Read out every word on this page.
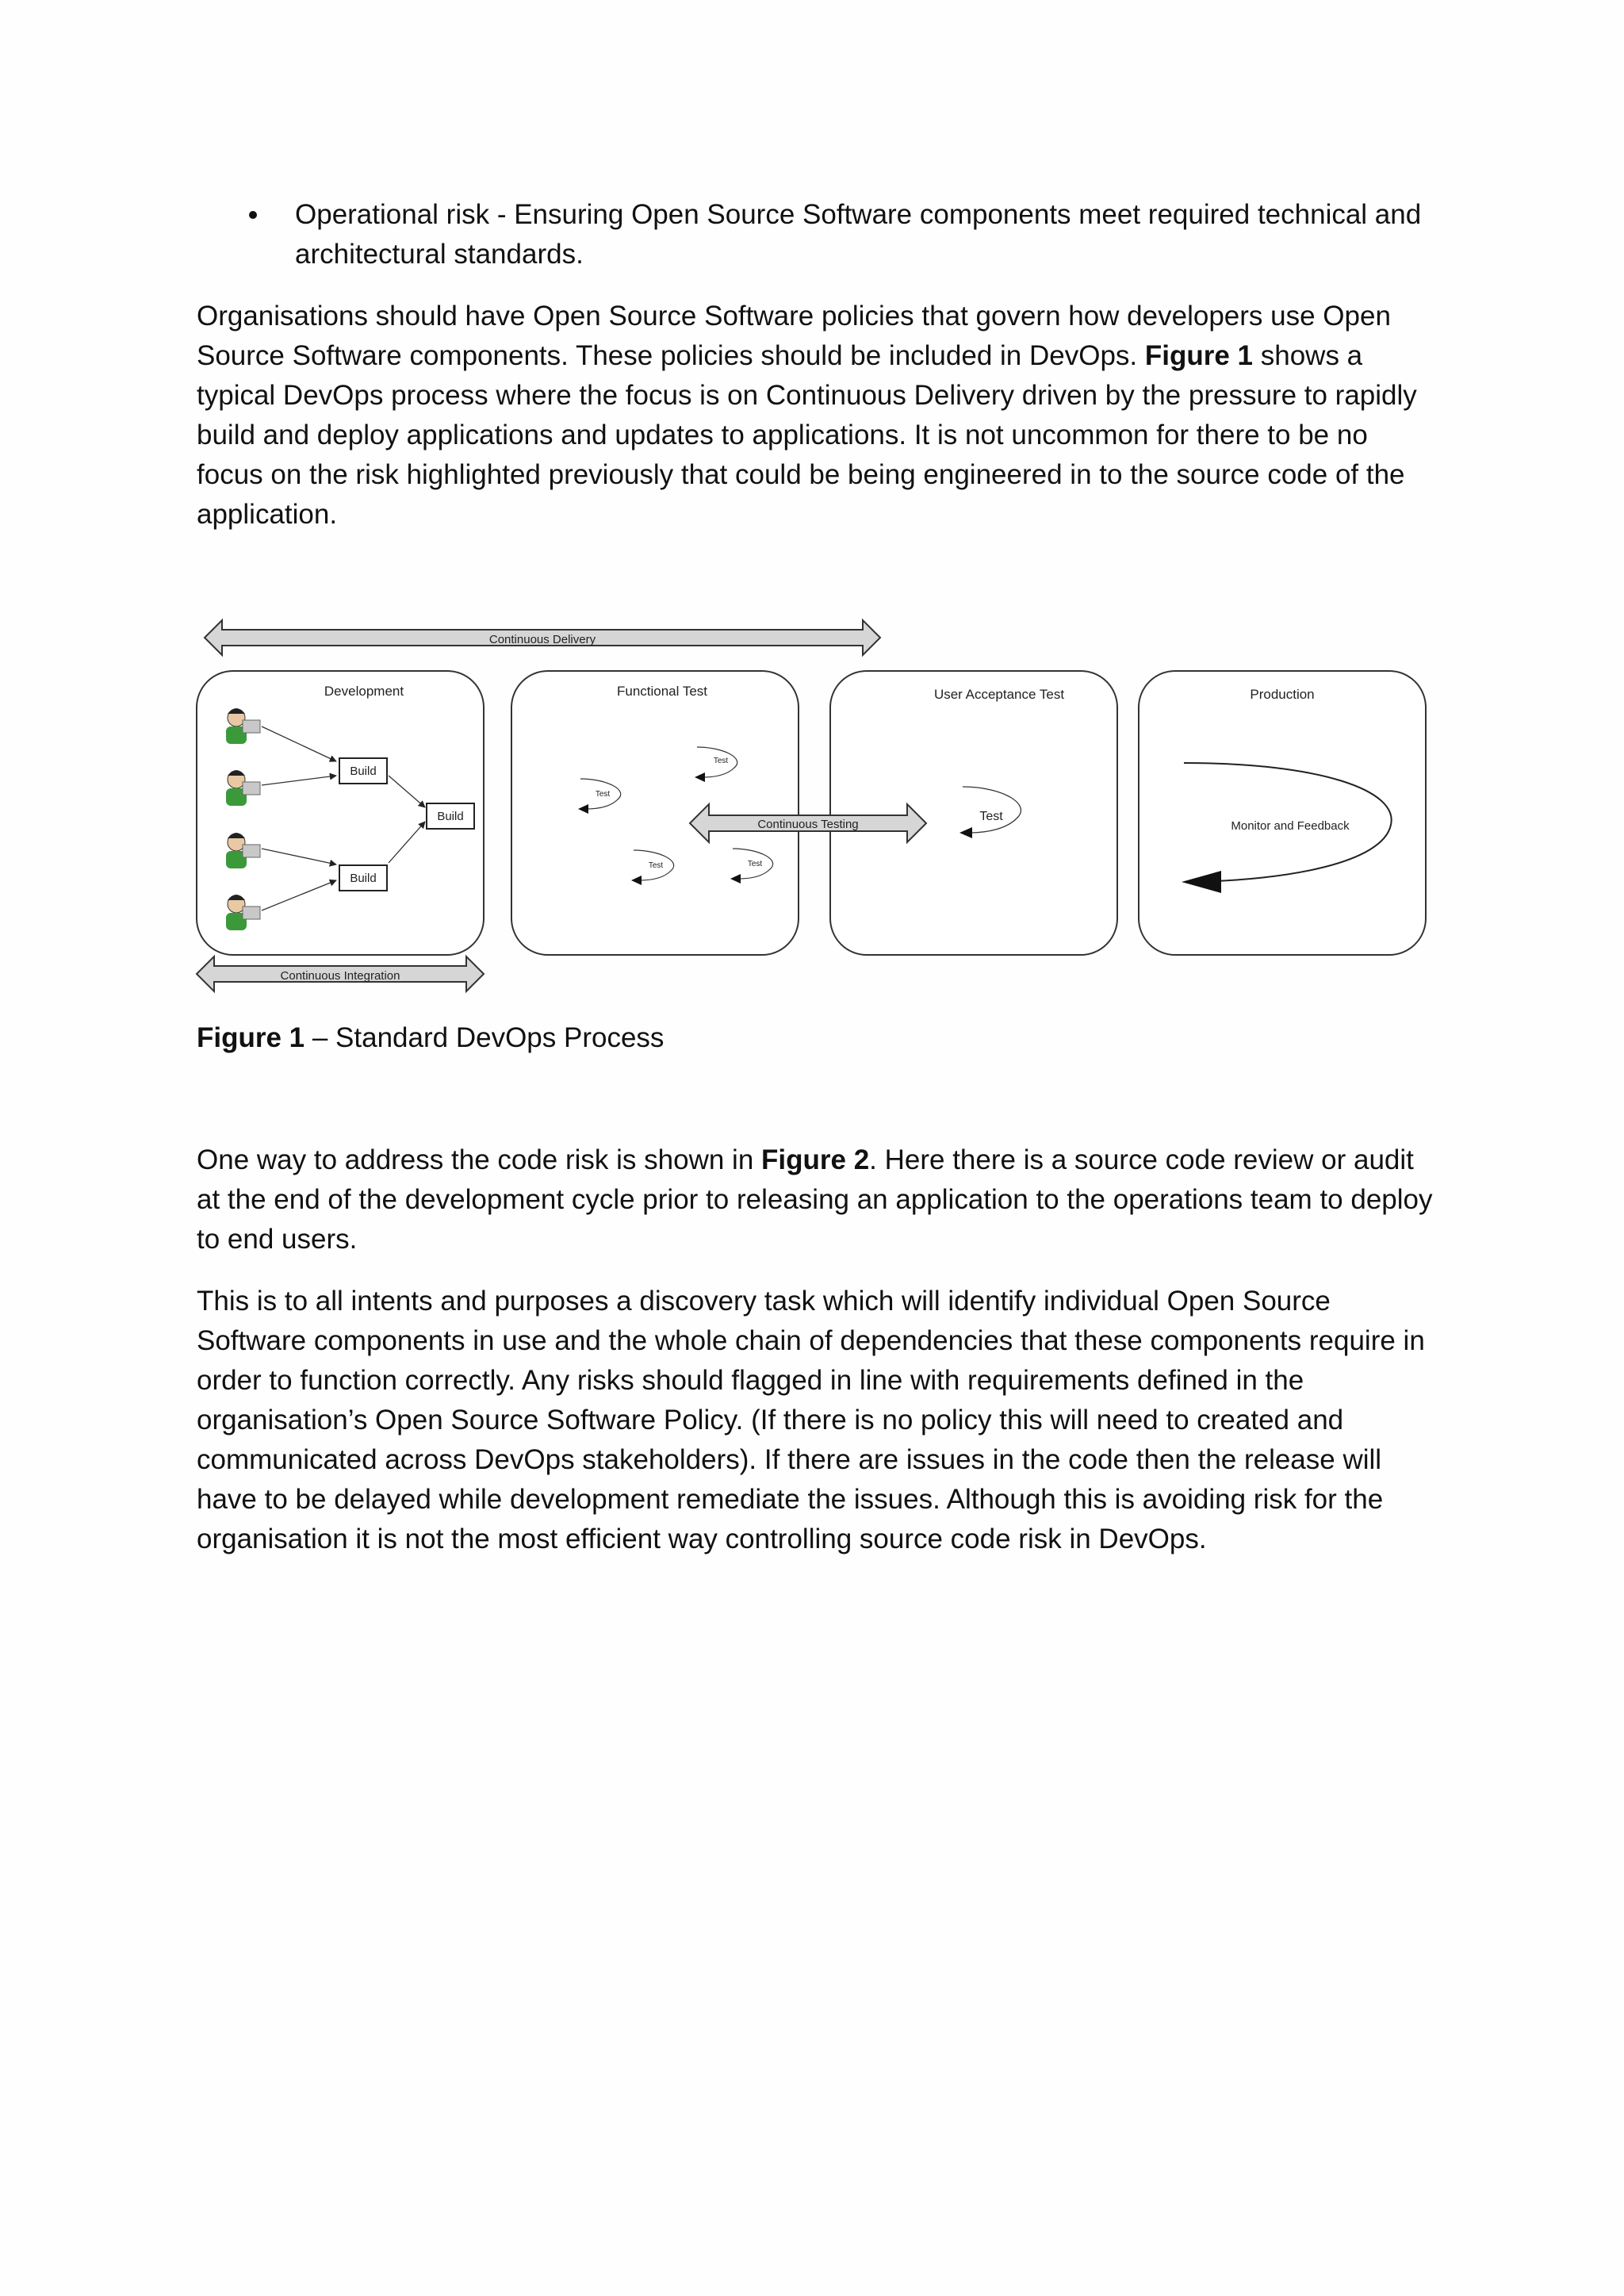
Operational risk - Ensuring Open Source Software components meet required technical and architectural standards.

Organisations should have Open Source Software policies that govern how developers use Open Source Software components. These policies should be included in DevOps. Figure 1 shows a typical DevOps process where the focus is on Continuous Delivery driven by the pressure to rapidly build and deploy applications and updates to applications. It is not uncommon for there to be no focus on the risk highlighted previously that could be being engineered in to the source code of the application.

Continuous Delivery
Development	Functional Test	User Acceptance Test	Production
Build
Build
Build
Test
Test
Test	Test
Continuous Testing
Test
Monitor and Feedback
Continuous Integration
Figure 1 – Standard DevOps Process

One way to address the code risk is shown in Figure 2. Here there is a source code review or audit at the end of the development cycle prior to releasing an application to the operations team to deploy to end users.

This is to all intents and purposes a discovery task which will identify individual Open Source Software components in use and the whole chain of dependencies that these components require in order to function correctly. Any risks should flagged in line with requirements defined in the organisation’s Open Source Software Policy. (If there is no policy this will need to created and communicated across DevOps stakeholders). If there are issues in the code then the release will have to be delayed while development remediate the issues. Although this is avoiding risk for the organisation it is not the most efficient way controlling source code risk in DevOps.
